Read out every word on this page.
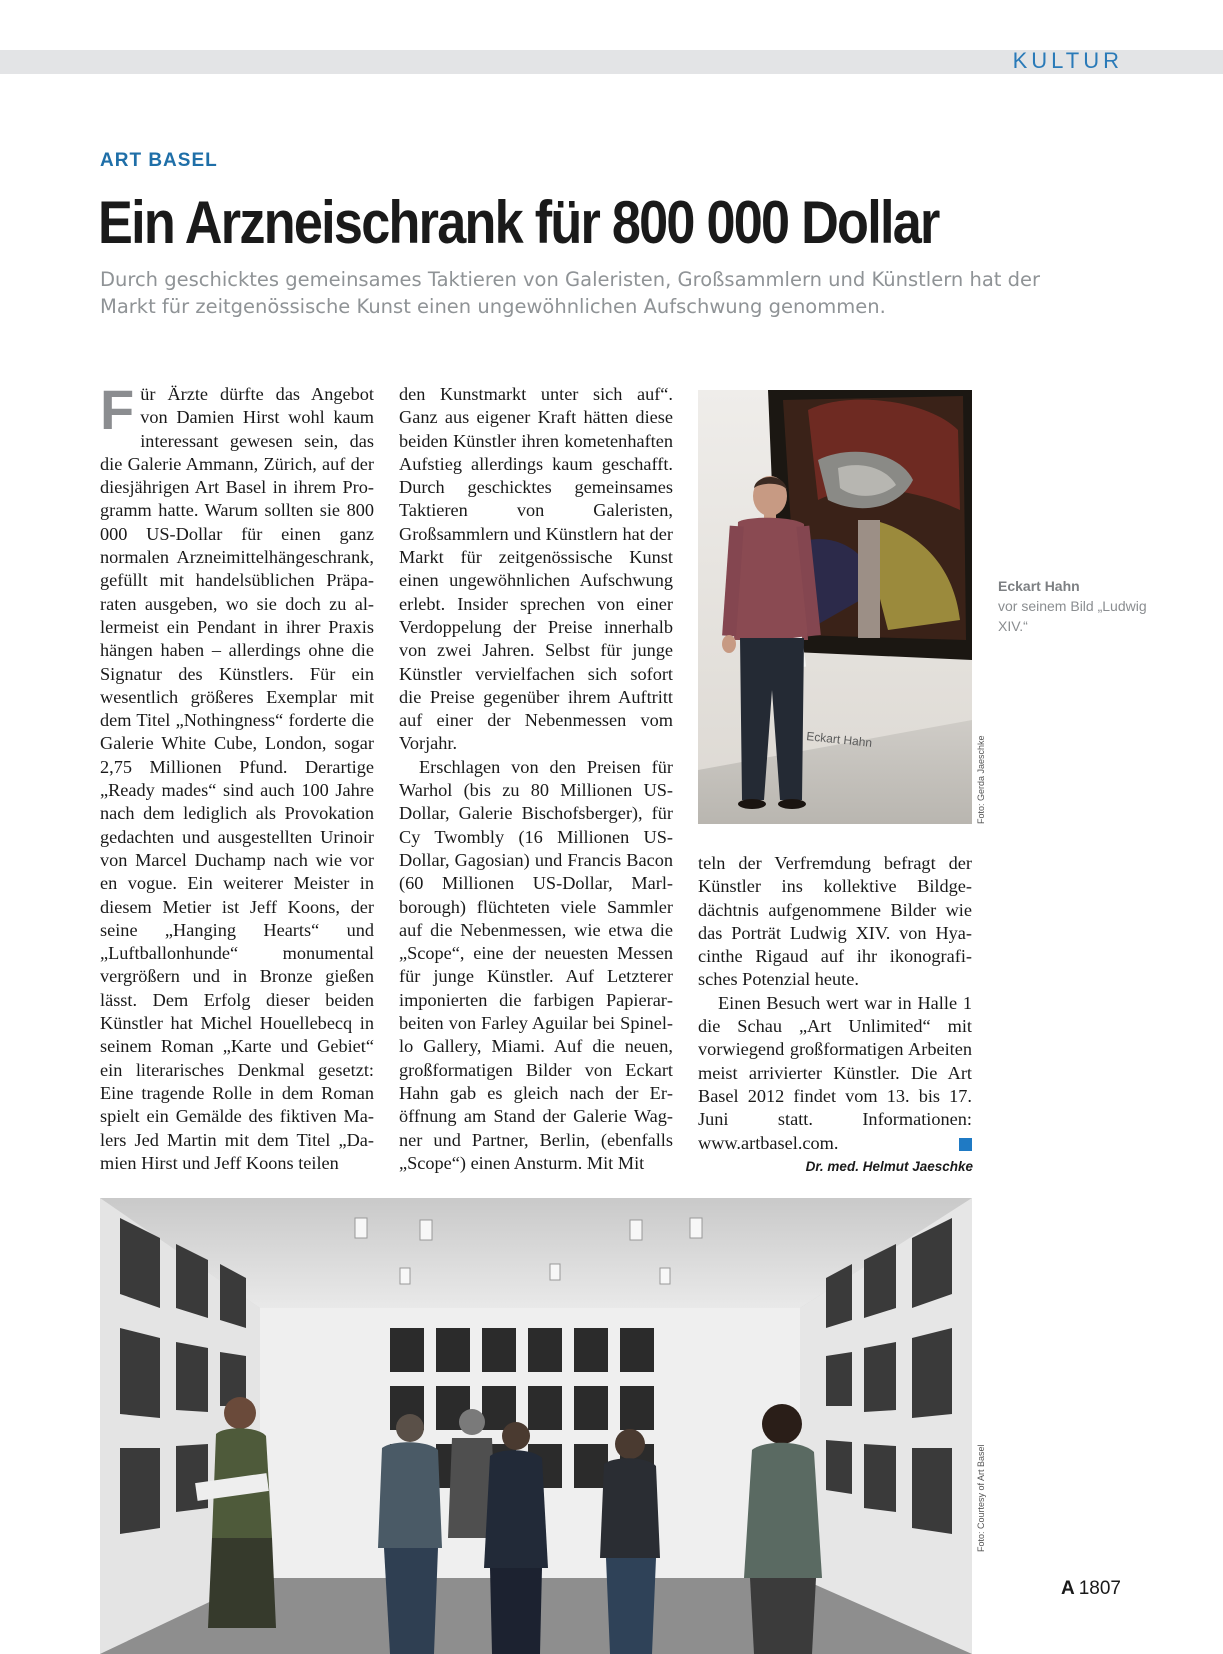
KULTUR
ART BASEL
Ein Arzneischrank für 800 000 Dollar

Durch geschicktes gemeinsames Taktieren von Galeristen, Großsammlern und Künstlern hat der Markt für zeitgenössische Kunst einen ungewöhnlichen Aufschwung genommen.

Für Ärzte dürfte das Angebot von Damien Hirst wohl kaum interessant gewesen sein, das die Galerie Ammann, Zürich, auf der diesjährigen Art Basel in ihrem Programm hatte. Warum sollten sie 800 000 US-Dollar für einen ganz normalen Arzneimittelhängeschrank, gefüllt mit handelsüblichen Präparaten ausgeben, wo sie doch zu allermeist ein Pendant in ihrer Praxis hängen haben – allerdings ohne die Signatur des Künstlers. Für ein wesentlich größeres Exemplar mit dem Titel „Nothingness“ forderte die Galerie White Cube, London, sogar 2,75 Millionen Pfund. Derartige „Ready mades“ sind auch 100 Jahre nach dem lediglich als Provokation gedachten und ausgestellten Urinoir von Marcel Duchamp nach wie vor en vogue. Ein weiterer Meister in diesem Metier ist Jeff Koons, der seine „Hanging Hearts“ und „Luftballonhunde“ monumental vergrößern und in Bronze gießen lässt. Dem Erfolg dieser beiden Künstler hat Michel Houellebecq in seinem Roman „Karte und Gebiet“ ein literarisches Denkmal gesetzt: Eine tragende Rolle in dem Roman spielt ein Gemälde des fiktiven Malers Jed Martin mit dem Titel „Damien Hirst und Jeff Koons teilen

den Kunstmarkt unter sich auf“. Ganz aus eigener Kraft hätten diese beiden Künstler ihren kometenhaften Aufstieg allerdings kaum geschafft. Durch geschicktes gemeinsames Taktieren von Galeristen, Großsammlern und Künstlern hat der Markt für zeitgenössische Kunst einen ungewöhnlichen Aufschwung erlebt. Insider sprechen von einer Verdoppelung der Preise innerhalb von zwei Jahren. Selbst für junge Künstler vervielfachen sich sofort die Preise gegenüber ihrem Auftritt auf einer der Nebenmessen vom Vorjahr.

Erschlagen von den Preisen für Warhol (bis zu 80 Millionen US-Dollar, Galerie Bischofsberger), für Cy Twombly (16 Millionen US-Dollar, Gagosian) und Francis Bacon (60 Millionen US-Dollar, Marlborough) flüchteten viele Sammler auf die Nebenmessen, wie etwa die „Scope“, eine der neuesten Messen für junge Künstler. Auf Letzterer imponierten die farbigen Papierarbeiten von Farley Aguilar bei Spinello Gallery, Miami. Auf die neuen, großformatigen Bilder von Eckart Hahn gab es gleich nach der Eröffnung am Stand der Galerie Wagner und Partner, Berlin, (ebenfalls „Scope“) einen Ansturm. Mit Mit

Eckart Hahn	Foto: Gerda Jaeschke
Eckart Hahn
vor seinem Bild „Ludwig XIV.“

teln der Verfremdung befragt der Künstler ins kollektive Bildgedächtnis aufgenommene Bilder wie das Porträt Ludwig XIV. von Hyacinthe Rigaud auf ihr ikonografisches Potenzial heute.

Einen Besuch wert war in Halle 1 die Schau „Art Unlimited“ mit vorwiegend großformatigen Arbeiten meist arrivierter Künstler. Die Art Basel 2012 findet vom 13. bis 17. Juni statt. Informationen: www.artbasel.com.

Dr. med. Helmut Jaeschke
Foto: Courtesy of Art Basel
A 1807
